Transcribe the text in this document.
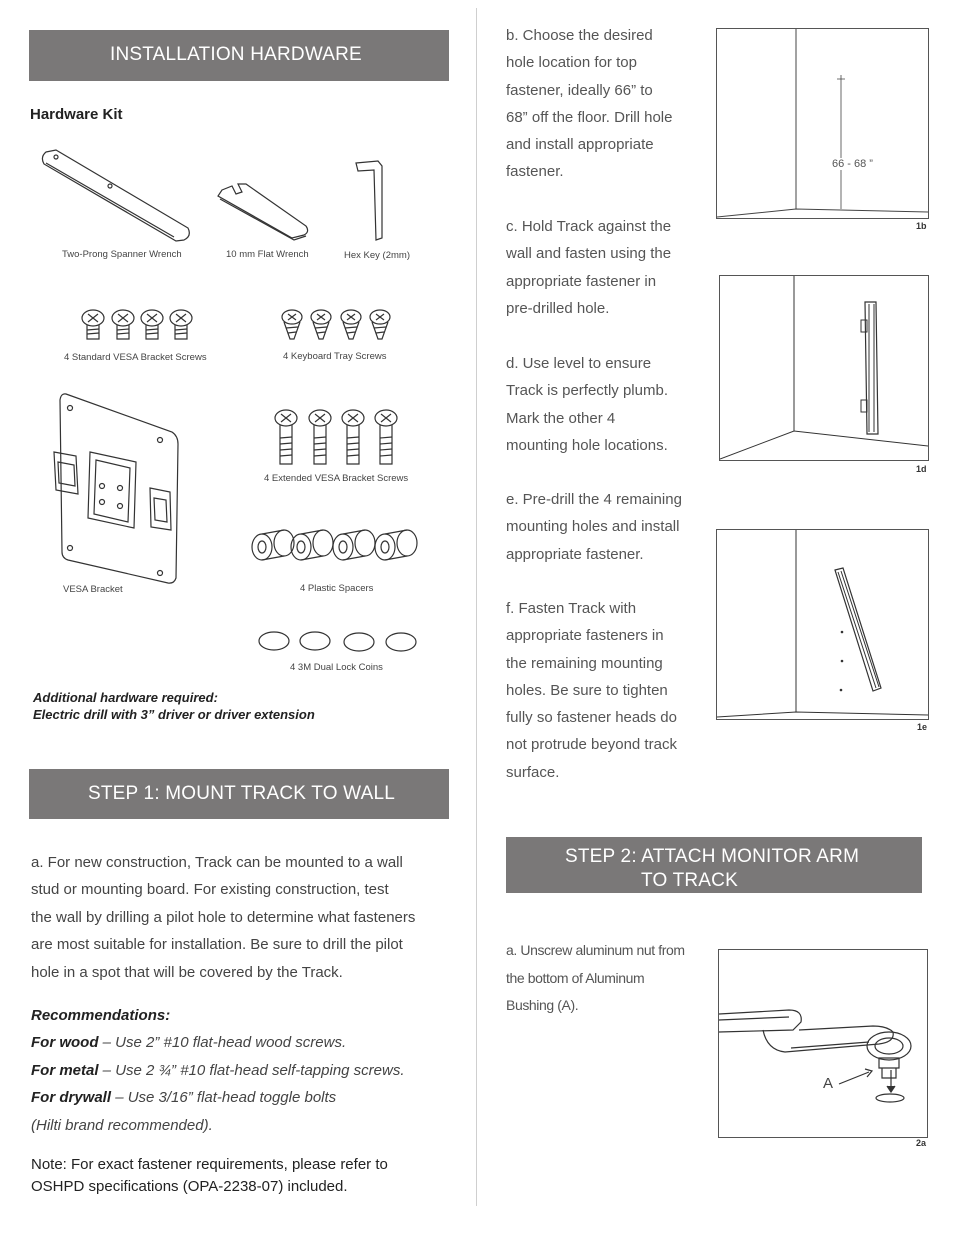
INSTALLATION HARDWARE
Hardware Kit
Two-Prong Spanner Wrench	10 mm Flat Wrench	Hex Key (2mm)
4 Standard VESA Bracket Screws	4 Keyboard Tray Screws
4 Extended VESA Bracket Screws
VESA Bracket	4 Plastic Spacers
4 3M Dual Lock Coins
Additional hardware required:
Electric drill with 3” driver or driver extension
STEP 1: MOUNT TRACK TO WALL
a. For new construction, Track can be mounted to a wall
stud or mounting board. For existing construction, test
the wall by drilling a pilot hole to determine what fasteners
are most suitable for installation. Be sure to drill the pilot
hole in a spot that will be covered by the Track.
Recommendations:
For wood – Use 2” #10 flat-head wood screws.
For metal – Use 2 ¾” #10 flat-head self-tapping screws.
For drywall – Use 3/16” flat-head toggle bolts
(Hilti brand recommended).
Note: For exact fastener requirements, please refer to
OSHPD specifications (OPA-2238-07) included.
b. Choose the desired
hole location for top
fastener, ideally 66” to
68” off the floor. Drill hole
and install appropriate
fastener.
c. Hold Track against the
wall and fasten using the
appropriate fastener in
pre-drilled hole.
d. Use level to ensure
Track is perfectly plumb.
Mark the other 4
mounting hole locations.
e. Pre-drill the 4 remaining
mounting holes and install
appropriate fastener.
f. Fasten Track with
appropriate fasteners in
the remaining mounting
holes. Be sure to tighten
fully so fastener heads do
not protrude beyond track
surface.
66 - 68 ”
1b
1d
1e
STEP 2: ATTACH MONITOR ARM
TO TRACK
a. Unscrew aluminum nut from
the bottom of Aluminum
Bushing (A).
A
2a
